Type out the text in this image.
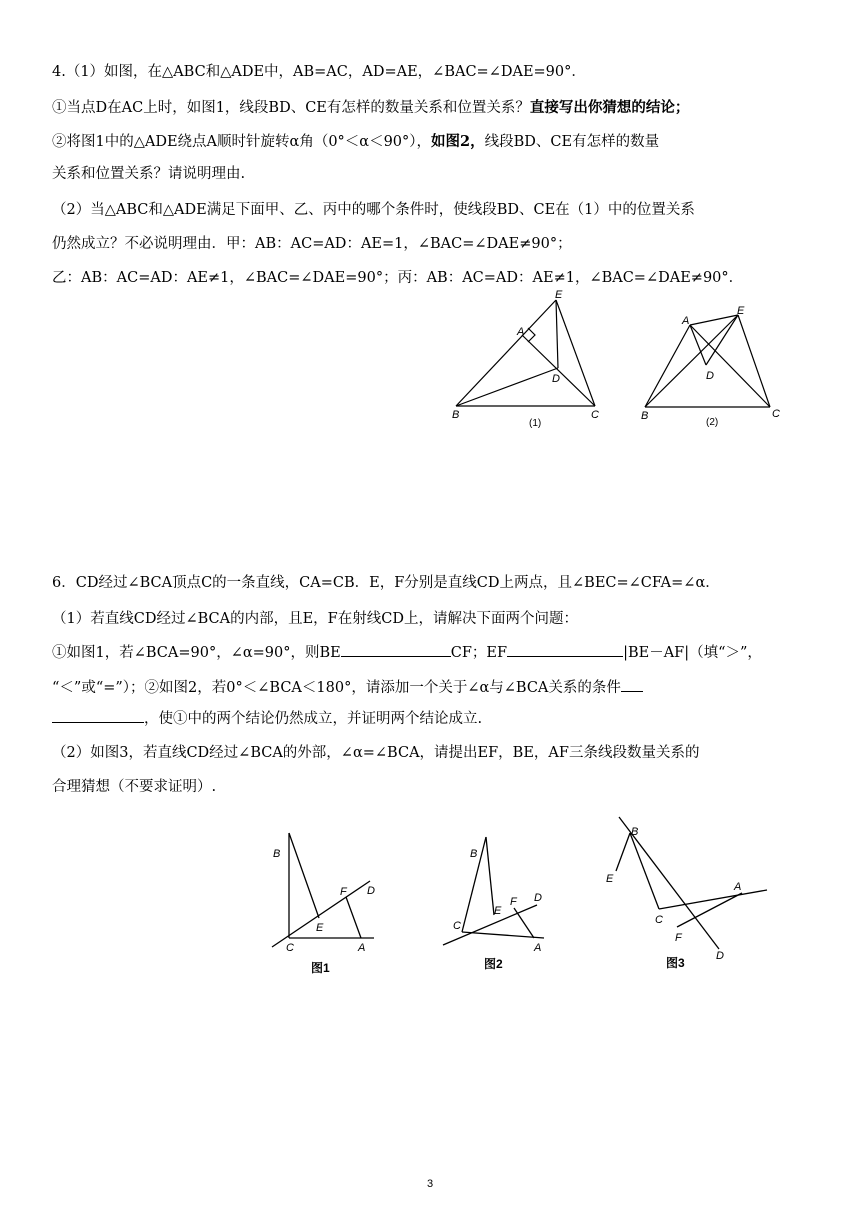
4.（1）如图，在△ABC和△ADE中，AB=AC，AD=AE，∠BAC=∠DAE=90°．
①当点D在AC上时，如图1，线段BD、CE有怎样的数量关系和位置关系？直接写出你猜想的结论；
②将图1中的△ADE绕点A顺时针旋转α角（0°＜α＜90°），如图2，线段BD、CE有怎样的数量
关系和位置关系？请说明理由.
（2）当△ABC和△ADE满足下面甲、乙、丙中的哪个条件时，使线段BD、CE在（1）中的位置关系
仍然成立？不必说明理由．甲：AB：AC=AD：AE=1，∠BAC=∠DAE≠90°；
乙：AB：AC=AD：AE≠1，∠BAC=∠DAE=90°；丙：AB：AC=AD：AE≠1，∠BAC=∠DAE≠90°．
E
A
D
B	C
(1)
A
E
D
B	C
(2)
6．CD经过∠BCA顶点C的一条直线，CA=CB．E，F分别是直线CD上两点，且∠BEC=∠CFA=∠α．
（1）若直线CD经过∠BCA的内部，且E，F在射线CD上，请解决下面两个问题：
①如图1，若∠BCA=90°，∠α=90°，则BE	CF；EF	|BE－AF|（填“＞”，
“＜”或“=”）；②如图2，若0°＜∠BCA＜180°，请添加一个关于∠α与∠BCA关系的条件
，使①中的两个结论仍然成立，并证明两个结论成立.
（2）如图3，若直线CD经过∠BCA的外部，∠α=∠BCA，请提出EF，BE，AF三条线段数量关系的
合理猜想（不要求证明）.
B
F D
E
C	A
图1
B
E
F D
C
A
图2
B
E
A
C
F
D
图3
3
